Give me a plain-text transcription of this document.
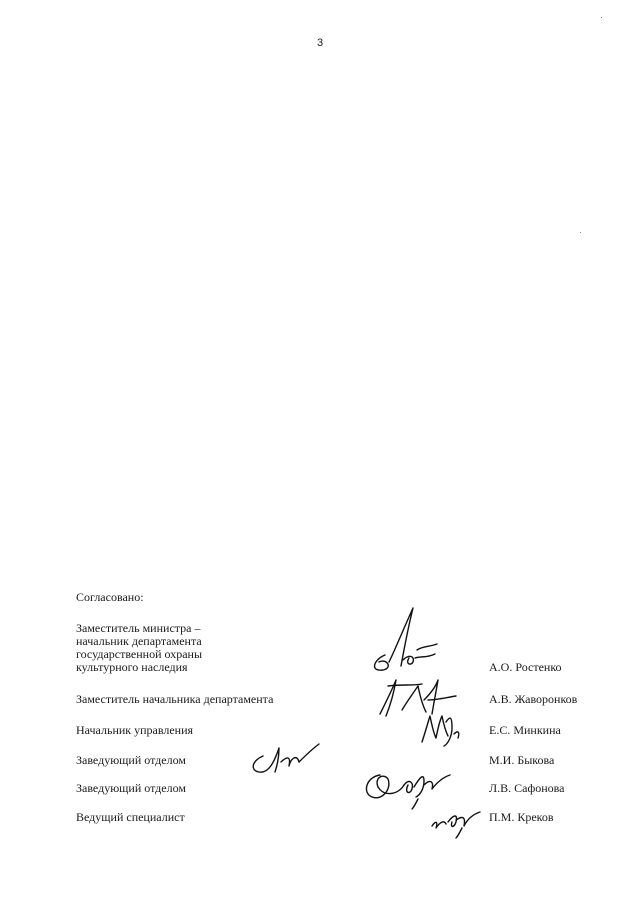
3
Согласовано:
Заместитель министра –
начальник департамента
государственной охраны
культурного наследия	А.О. Ростенко
Заместитель начальника департамента	А.В. Жаворонков
Начальник управления	Е.С. Минкина
Заведующий отделом	М.И. Быкова
Заведующий отделом	Л.В. Сафонова
Ведущий специалист	П.М. Креков
